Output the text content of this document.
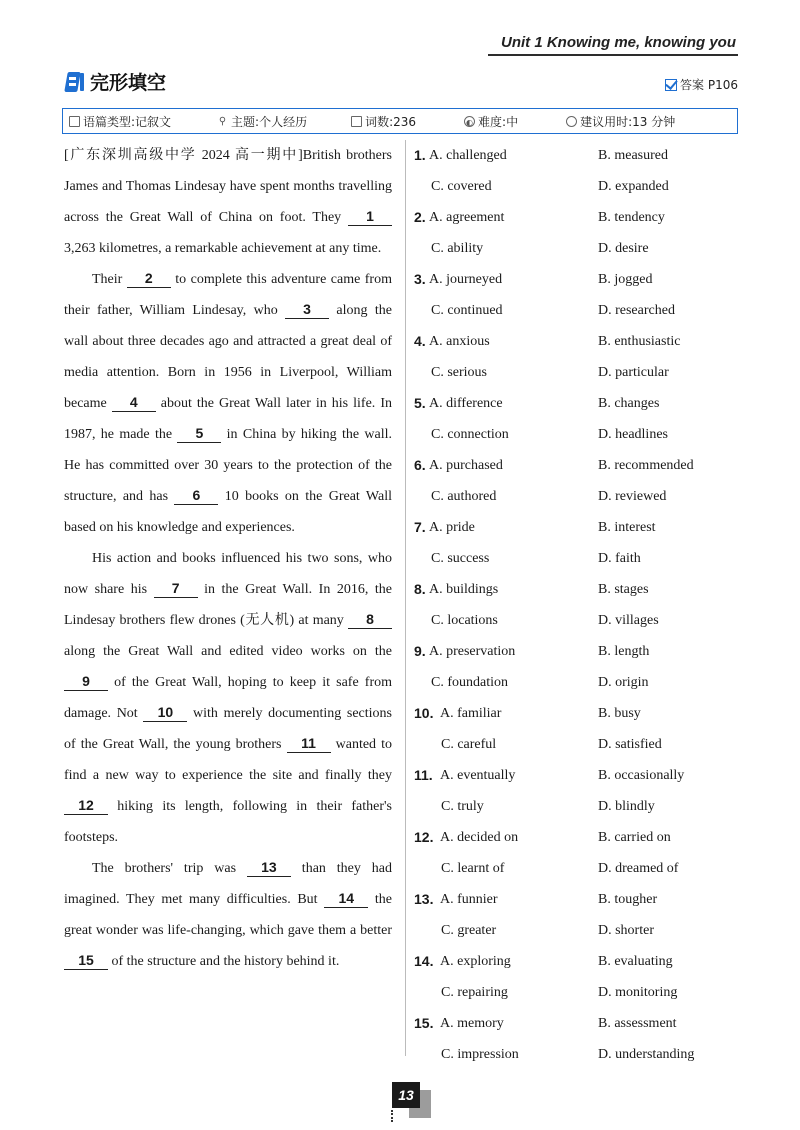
Unit 1 Knowing me, knowing you
完形填空	答案 P106
语篇类型:记叙文	⚲ 主题:个人经历	词数:236	◐ 难度:中	建议用时:13 分钟

[广东深圳高级中学 2024 高一期中]British brothers James and Thomas Lindesay have spent months travelling across the Great Wall of China on foot. They 1 3,263 kilometres, a remarkable achievement at any time.

Their 2 to complete this adventure came from their father, William Lindesay, who 3 along the wall about three decades ago and attracted a great deal of media attention. Born in 1956 in Liverpool, William became 4 about the Great Wall later in his life. In 1987, he made the 5 in China by hiking the wall. He has committed over 30 years to the protection of the structure, and has 6 10 books on the Great Wall based on his knowledge and experiences.

His action and books influenced his two sons, who now share his 7 in the Great Wall. In 2016, the Lindesay brothers flew drones (无人机) at many 8 along the Great Wall and edited video works on the 9 of the Great Wall, hoping to keep it safe from damage. Not 10 with merely documenting sections of the Great Wall, the young brothers 11 wanted to find a new way to experience the site and finally they 12 hiking its length, following in their father's footsteps.

The brothers' trip was 13 than they had imagined. They met many difficulties. But 14 the great wonder was life-changing, which gave them a better 15 of the structure and the history behind it.

1. A. challenged	B. measured
C. covered	D. expanded
2. A. agreement	B. tendency
C. ability	D. desire
3. A. journeyed	B. jogged
C. continued	D. researched
4. A. anxious	B. enthusiastic
C. serious	D. particular
5. A. difference	B. changes
C. connection	D. headlines
6. A. purchased	B. recommended
C. authored	D. reviewed
7. A. pride	B. interest
C. success	D. faith
8. A. buildings	B. stages
C. locations	D. villages
9. A. preservation	B. length
C. foundation	D. origin
10. A. familiar	B. busy
C. careful	D. satisfied
11. A. eventually	B. occasionally
C. truly	D. blindly
12. A. decided on	B. carried on
C. learnt of	D. dreamed of
13. A. funnier	B. tougher
C. greater	D. shorter
14. A. exploring	B. evaluating
C. repairing	D. monitoring
15. A. memory	B. assessment
C. impression	D. understanding
13
